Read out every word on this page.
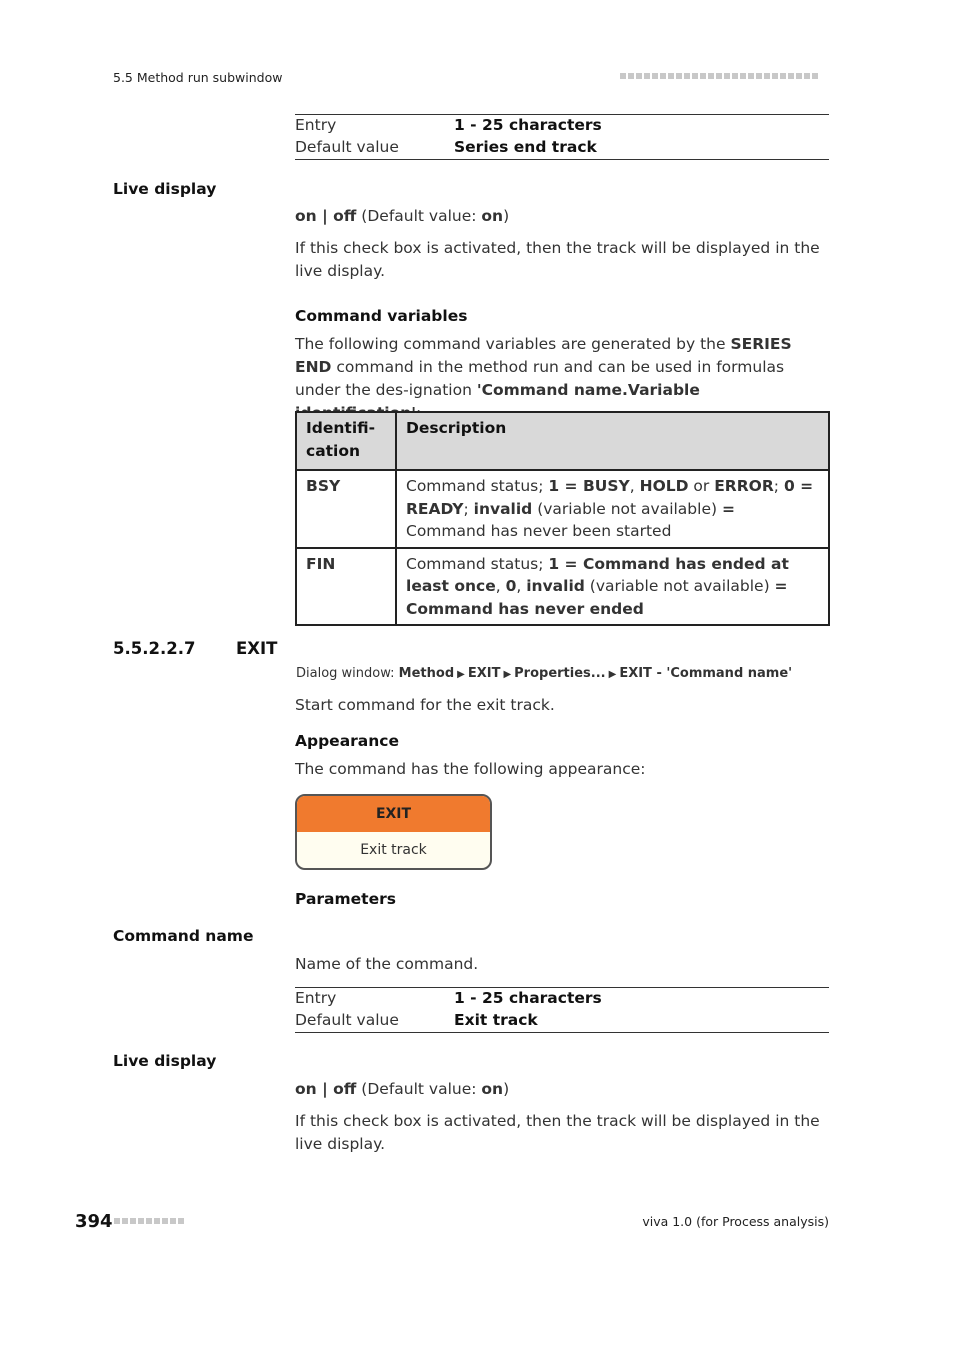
5.5 Method run subwindow
Entry	1 - 25 characters
Default value	Series end track
Live display
on | off (Default value: on)
If this check box is activated, then the track will be displayed in the live display.
Command variables
The following command variables are generated by the SERIES END command in the method run and can be used in formulas under the des-ignation 'Command name.Variable
Identifi-cation	Description
BSY	Command status; 1 = BUSY, HOLD or ERROR; 0 = READY; invalid (variable not available) = Command has never been started
FIN	Command status; 1 = Command has ended at least once, 0, invalid (variable not available) = Command has never ended
5.5.2.2.7 EXIT
Dialog window: Method ▶ EXIT ▶ Properties... ▶ EXIT - 'Command name'
Start command for the exit track.
Appearance
The command has the following appearance:
EXIT
Exit track
Parameters
Command name
Name of the command.
Entry	1 - 25 characters
Default value	Exit track
Live display
on | off (Default value: on)
If this check box is activated, then the track will be displayed in the live display.
394	viva 1.0 (for Process analysis)
